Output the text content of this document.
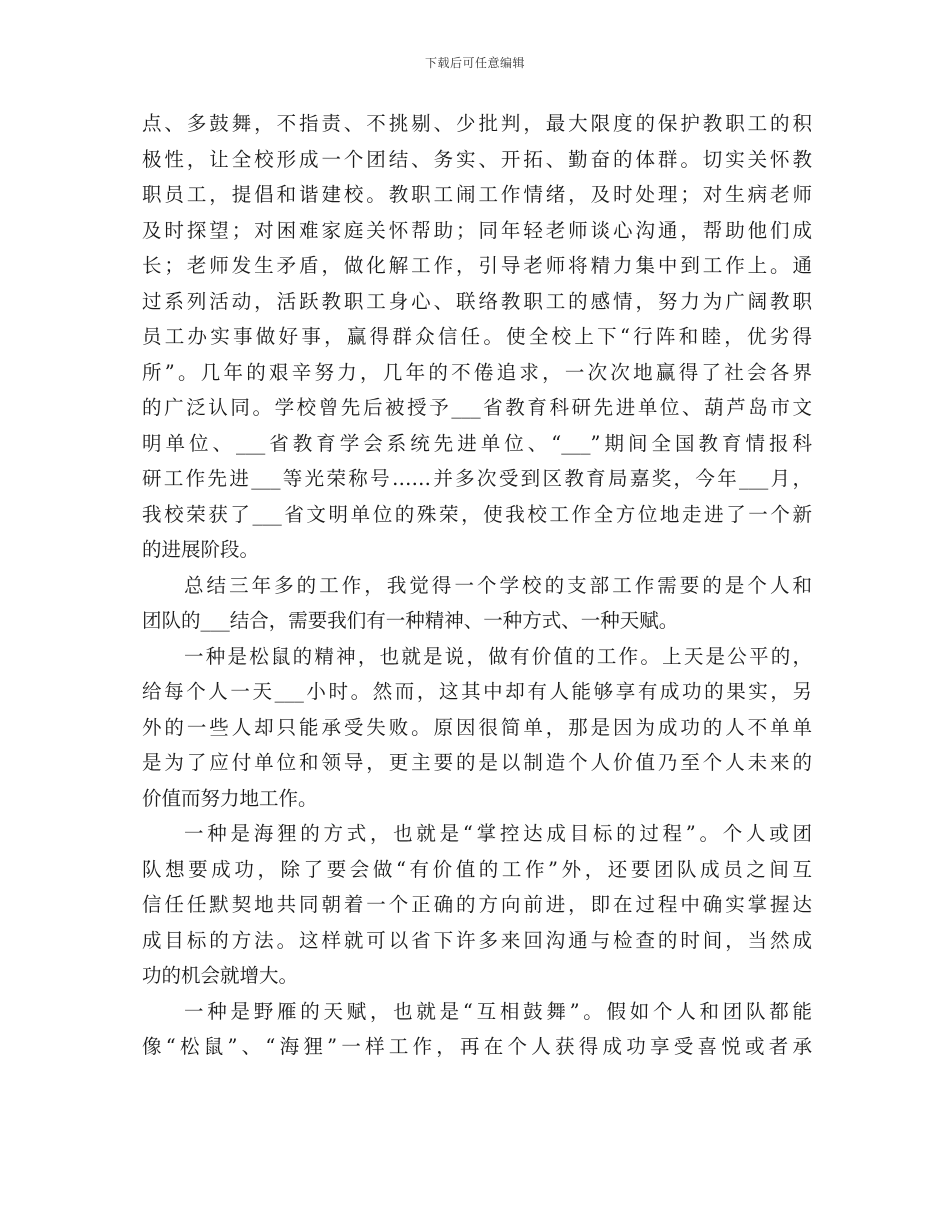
下载后可任意编辑
点、多鼓舞，不指责、不挑剔、少批判，最大限度的保护教职工的积
极性，让全校形成一个团结、务实、开拓、勤奋的体群。切实关怀教
职员工，提倡和谐建校。教职工闹工作情绪，及时处理；对生病老师
及时探望；对困难家庭关怀帮助；同年轻老师谈心沟通，帮助他们成
长；老师发生矛盾，做化解工作，引导老师将精力集中到工作上。通
过系列活动，活跃教职工身心、联络教职工的感情，努力为广阔教职
员工办实事做好事，赢得群众信任。使全校上下“行阵和睦，优劣得
所”。几年的艰辛努力，几年的不倦追求，一次次地赢得了社会各界
的广泛认同。学校曾先后被授予___省教育科研先进单位、葫芦岛市文
明单位、___省教育学会系统先进单位、“___”期间全国教育情报科
研工作先进___等光荣称号……并多次受到区教育局嘉奖，今年___月，
我校荣获了___省文明单位的殊荣，使我校工作全方位地走进了一个新
的进展阶段。
总结三年多的工作，我觉得一个学校的支部工作需要的是个人和
团队的___结合，需要我们有一种精神、一种方式、一种天赋。
一种是松鼠的精神，也就是说，做有价值的工作。上天是公平的，
给每个人一天___小时。然而，这其中却有人能够享有成功的果实，另
外的一些人却只能承受失败。原因很简单，那是因为成功的人不单单
是为了应付单位和领导，更主要的是以制造个人价值乃至个人未来的
价值而努力地工作。
一种是海狸的方式，也就是“掌控达成目标的过程”。个人或团
队想要成功，除了要会做“有价值的工作”外，还要团队成员之间互
信任任默契地共同朝着一个正确的方向前进，即在过程中确实掌握达
成目标的方法。这样就可以省下许多来回沟通与检查的时间，当然成
功的机会就增大。
一种是野雁的天赋，也就是“互相鼓舞”。假如个人和团队都能
像“松鼠”、“海狸”一样工作，再在个人获得成功享受喜悦或者承
